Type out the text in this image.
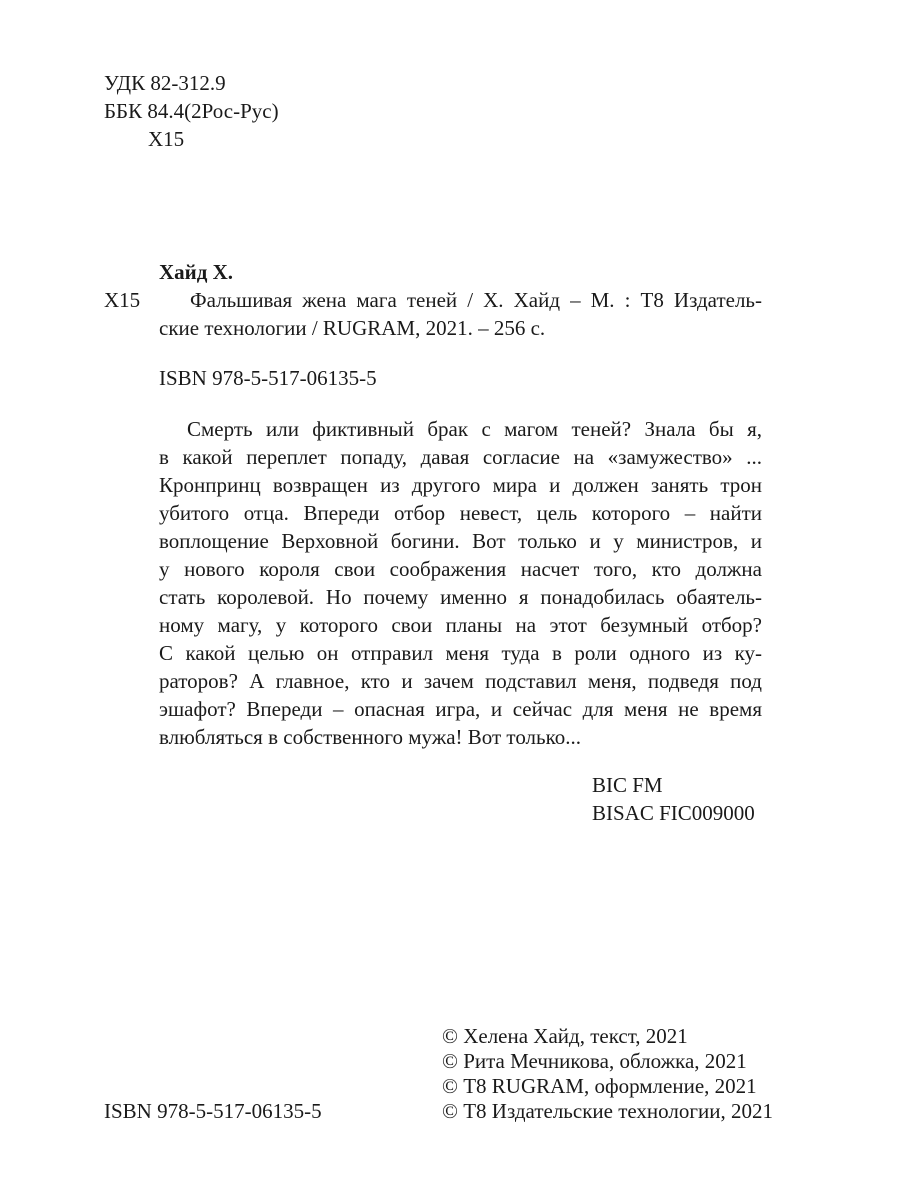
УДК 82-312.9
ББК 84.4(2Рос-Рус)
Х15
Хайд Х.
Х15 Фальшивая жена мага теней / Х. Хайд – М. : Т8 Издатель-
ские технологии / RUGRAM, 2021. – 256 с.
ISBN 978-5-517-06135-5
Смерть или фиктивный брак с магом теней? Знала бы я,
в какой переплет попаду, давая согласие на «замужество» ...
Кронпринц возвращен из другого мира и должен занять трон
убитого отца. Впереди отбор невест, цель которого – найти
воплощение Верховной богини. Вот только и у министров, и
у нового короля свои соображения насчет того, кто должна
стать королевой. Но почему именно я понадобилась обаятель-
ному магу, у которого свои планы на этот безумный отбор?
С какой целью он отправил меня туда в роли одного из ку-
раторов? А главное, кто и зачем подставил меня, подведя под
эшафот? Впереди – опасная игра, и сейчас для меня не время
влюбляться в собственного мужа! Вот только...
BIC FM
BISAC FIC009000
© Хелена Хайд, текст, 2021
© Рита Мечникова, обложка, 2021
© Т8 RUGRAM, оформление, 2021
ISBN 978-5-517-06135-5	© Т8 Издательские технологии, 2021
